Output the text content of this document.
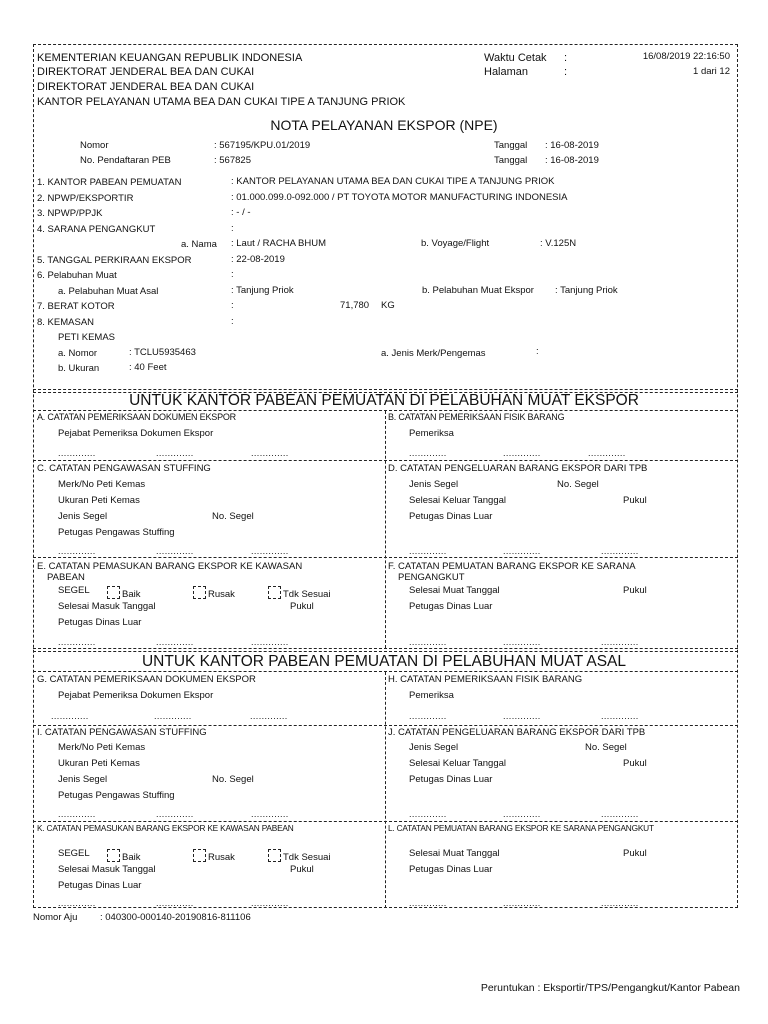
KEMENTERIAN KEUANGAN REPUBLIK INDONESIA
DIREKTORAT JENDERAL BEA DAN CUKAI
DIREKTORAT JENDERAL BEA DAN CUKAI
KANTOR PELAYANAN UTAMA BEA DAN CUKAI TIPE A TANJUNG PRIOK
Waktu Cetak :	16/08/2019 22:16:50
Halaman	:	1 dari 12
NOTA PELAYANAN EKSPOR (NPE)
Nomor	: 567195/KPU.01/2019
No. Pendaftaran PEB	: 567825
Tanggal : 16-08-2019
Tanggal : 16-08-2019
1. KANTOR PABEAN PEMUATAN	: KANTOR PELAYANAN UTAMA BEA DAN CUKAI TIPE A TANJUNG PRIOK
2. NPWP/EKSPORTIR	: 01.000.099.0-092.000 / PT TOYOTA MOTOR MANUFACTURING INDONESIA
3. NPWP/PPJK	: - / -
4. SARANA PENGANGKUT	:
a. Nama : Laut / RACHA BHUM	b. Voyage/Flight	: V.125N
5. TANGGAL PERKIRAAN EKSPOR	: 22-08-2019
6. Pelabuhan Muat	:
a. Pelabuhan Muat Asal	: Tanjung Priok	b. Pelabuhan Muat Ekspor : Tanjung Priok
7. BERAT KOTOR	:	71,780 KG
8. KEMASAN	:
PETI KEMAS
a. Nomor	: TCLU5935463
b. Ukuran	: 40 Feet
a. Jenis Merk/Pengemas	:
UNTUK KANTOR PABEAN PEMUATAN DI PELABUHAN MUAT EKSPOR
A. CATATAN PEMERIKSAAN DOKUMEN EKSPOR
Pejabat Pemeriksa Dokumen Ekspor
.............	.............	.............
B. CATATAN PEMERIKSAAN FISIK BARANG
Pemeriksa
.............	.............	.............
C. CATATAN PENGAWASAN STUFFING
Merk/No Peti Kemas
Ukuran Peti Kemas
Jenis Segel	No. Segel
Petugas Pengawas Stuffing
.............	.............	.............
D. CATATAN PENGELUARAN BARANG EKSPOR DARI TPB
Jenis Segel	No. Segel
Selesai Keluar Tanggal	Pukul
Petugas Dinas Luar
.............	.............	.............
E. CATATAN PEMASUKAN BARANG EKSPOR KE KAWASAN
PABEAN
SEGEL	Baik	Rusak	Tdk Sesuai
Selesai Masuk Tanggal	Pukul
Petugas Dinas Luar
.............	.............	.............
F. CATATAN PEMUATAN BARANG EKSPOR KE SARANA
PENGANGKUT
Selesai Muat Tanggal	Pukul
Petugas Dinas Luar
.............	.............	.............
UNTUK KANTOR PABEAN PEMUATAN DI PELABUHAN MUAT ASAL
G. CATATAN PEMERIKSAAN DOKUMEN EKSPOR
Pejabat Pemeriksa Dokumen Ekspor
.............	.............	.............
H. CATATAN PEMERIKSAAN FISIK BARANG
Pemeriksa
.............	.............	.............
I. CATATAN PENGAWASAN STUFFING
Merk/No Peti Kemas
Ukuran Peti Kemas
Jenis Segel	No. Segel
Petugas Pengawas Stuffing
.............	.............	.............
J. CATATAN PENGELUARAN BARANG EKSPOR DARI TPB
Jenis Segel	No. Segel
Selesai Keluar Tanggal	Pukul
Petugas Dinas Luar
.............	.............	.............
K. CATATAN PEMASUKAN BARANG EKSPOR KE KAWASAN PABEAN
SEGEL	Baik	Rusak	Tdk Sesuai
Selesai Masuk Tanggal	Pukul
Petugas Dinas Luar
.............	.............	.............
L. CATATAN PEMUATAN BARANG EKSPOR KE SARANA PENGANGKUT
Selesai Muat Tanggal	Pukul
Petugas Dinas Luar
.............	.............	.............
Nomor Aju : 040300-000140-20190816-811106
Peruntukan : Eksportir/TPS/Pengangkut/Kantor Pabean
